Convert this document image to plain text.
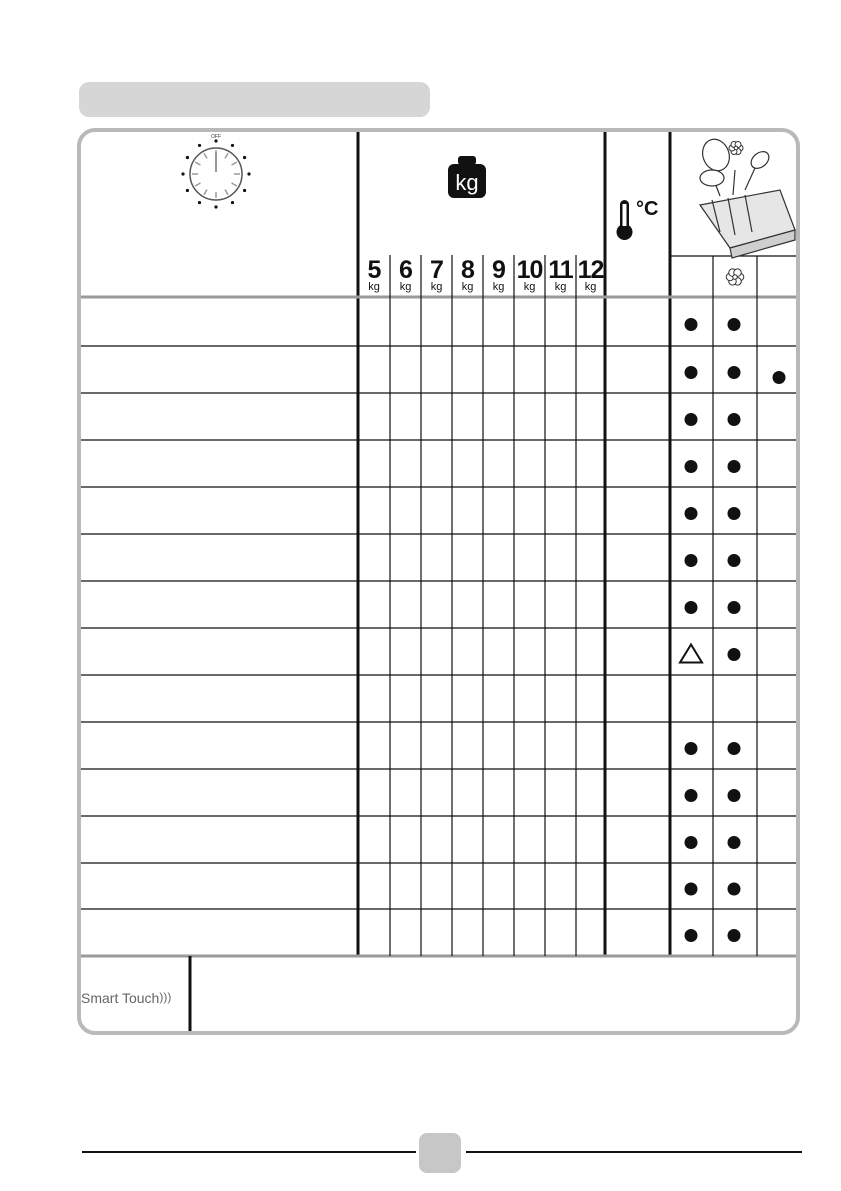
OFF
kg
5
kg
6
kg
7
kg
8
kg
9
kg
10
kg
11
kg
12
kg
°C
Smart Touch)))
